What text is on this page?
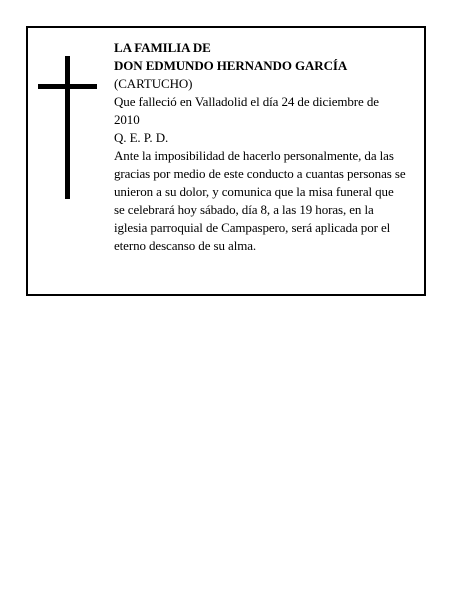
LA FAMILIA DE

DON EDMUNDO HERNANDO GARCÍA

(CARTUCHO)

Que falleció en Valladolid el día 24 de diciembre de 2010

Q. E. P. D.

Ante la imposibilidad de hacerlo personalmente, da las gracias por medio de este conducto a cuantas personas se unieron a su dolor, y comunica que la misa funeral que se celebrará hoy sábado, día 8, a las 19 horas, en la iglesia parroquial de Campaspero, será aplicada por el eterno descanso de su alma.
